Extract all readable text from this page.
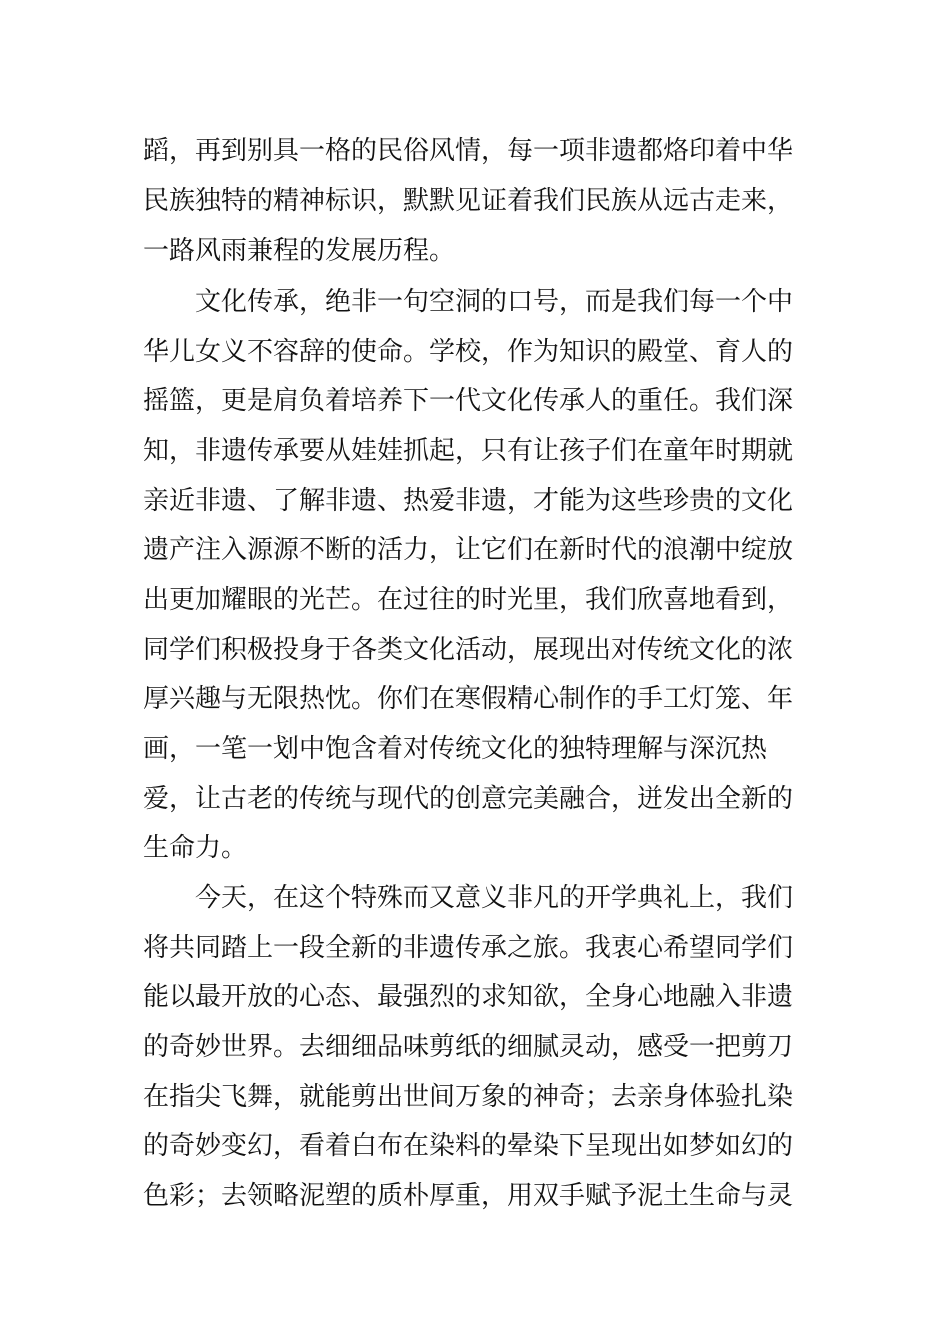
蹈，再到别具一格的民俗风情，每一项非遗都烙印着中华
民族独特的精神标识，默默见证着我们民族从远古走来，
一路风雨兼程的发展历程。
文化传承，绝非一句空洞的口号，而是我们每一个中
华儿女义不容辞的使命。学校，作为知识的殿堂、育人的
摇篮，更是肩负着培养下一代文化传承人的重任。我们深
知，非遗传承要从娃娃抓起，只有让孩子们在童年时期就
亲近非遗、了解非遗、热爱非遗，才能为这些珍贵的文化
遗产注入源源不断的活力，让它们在新时代的浪潮中绽放
出更加耀眼的光芒。在过往的时光里，我们欣喜地看到，
同学们积极投身于各类文化活动，展现出对传统文化的浓
厚兴趣与无限热忱。你们在寒假精心制作的手工灯笼、年
画，一笔一划中饱含着对传统文化的独特理解与深沉热
爱，让古老的传统与现代的创意完美融合，迸发出全新的
生命力。
今天，在这个特殊而又意义非凡的开学典礼上，我们
将共同踏上一段全新的非遗传承之旅。我衷心希望同学们
能以最开放的心态、最强烈的求知欲，全身心地融入非遗
的奇妙世界。去细细品味剪纸的细腻灵动，感受一把剪刀
在指尖飞舞，就能剪出世间万象的神奇；去亲身体验扎染
的奇妙变幻，看着白布在染料的晕染下呈现出如梦如幻的
色彩；去领略泥塑的质朴厚重，用双手赋予泥土生命与灵
